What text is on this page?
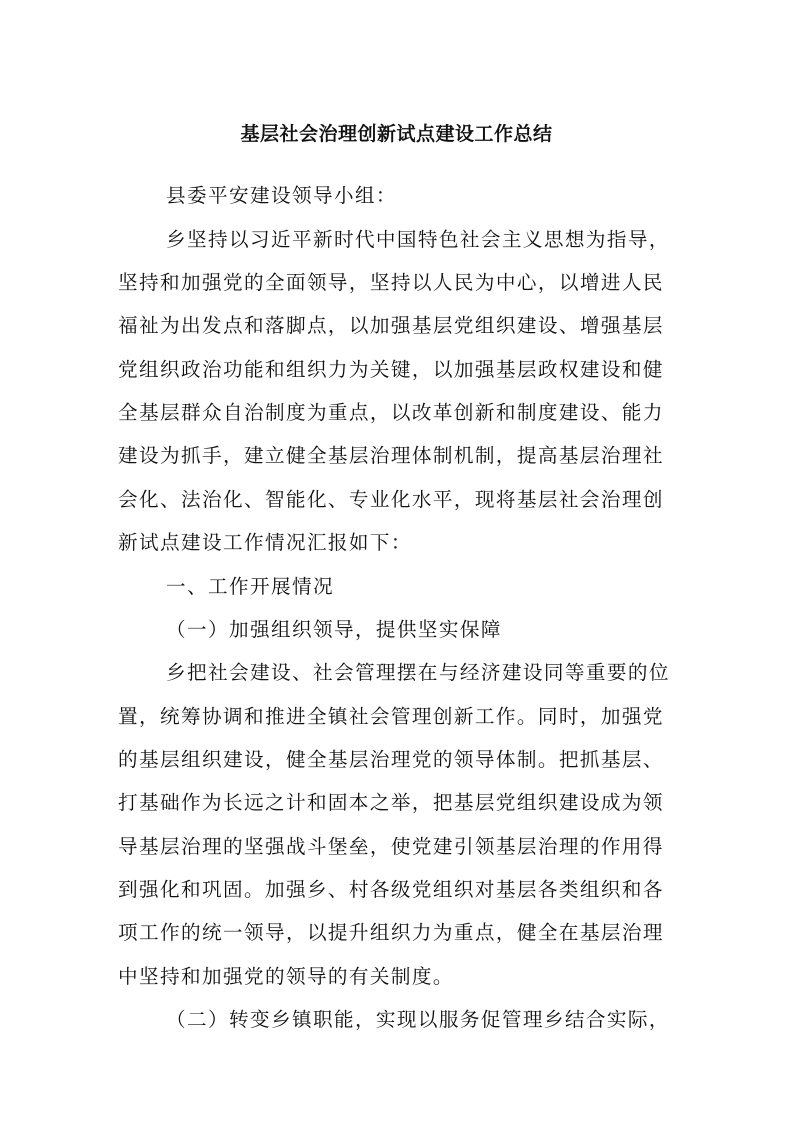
基层社会治理创新试点建设工作总结
县委平安建设领导小组：
乡坚持以习近平新时代中国特色社会主义思想为指导，
坚持和加强党的全面领导，坚持以人民为中心，以增进人民
福祉为出发点和落脚点，以加强基层党组织建设、增强基层
党组织政治功能和组织力为关键，以加强基层政权建设和健
全基层群众自治制度为重点，以改革创新和制度建设、能力
建设为抓手，建立健全基层治理体制机制，提高基层治理社
会化、法治化、智能化、专业化水平，现将基层社会治理创
新试点建设工作情况汇报如下：
一、工作开展情况
（一）加强组织领导，提供坚实保障
乡把社会建设、社会管理摆在与经济建设同等重要的位
置，统筹协调和推进全镇社会管理创新工作。同时，加强党
的基层组织建设，健全基层治理党的领导体制。把抓基层、
打基础作为长远之计和固本之举，把基层党组织建设成为领
导基层治理的坚强战斗堡垒，使党建引领基层治理的作用得
到强化和巩固。加强乡、村各级党组织对基层各类组织和各
项工作的统一领导，以提升组织力为重点，健全在基层治理
中坚持和加强党的领导的有关制度。
（二）转变乡镇职能，实现以服务促管理乡结合实际，
